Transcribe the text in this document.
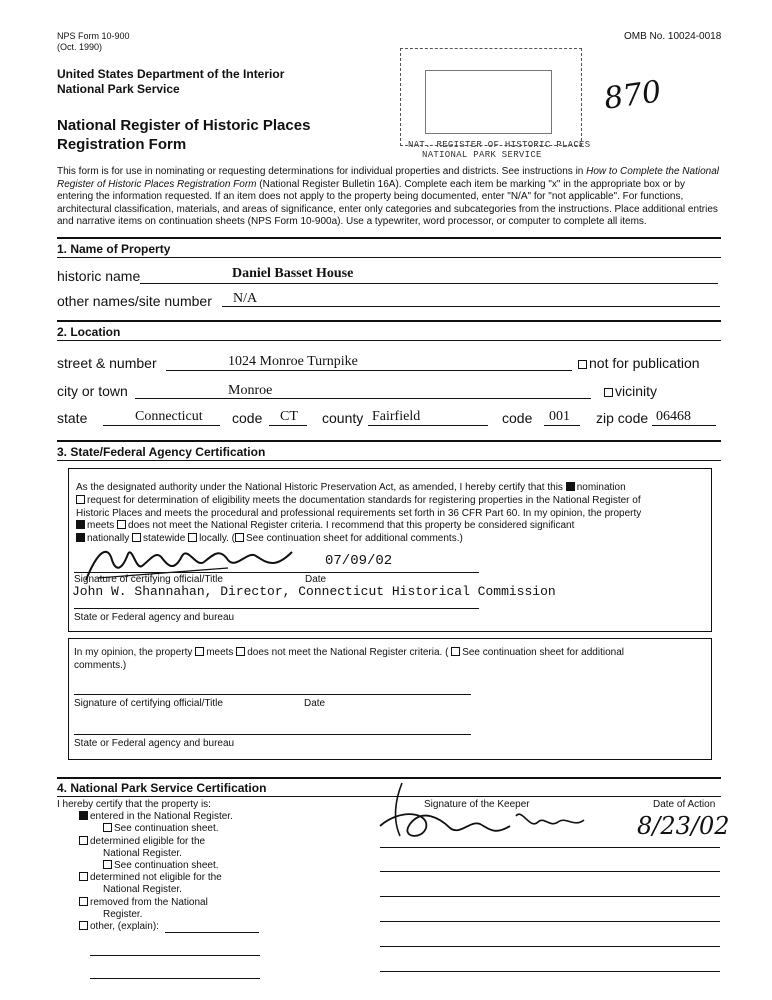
NPS Form 10-900
(Oct. 1990)
OMB No. 10024-0018
United States Department of the Interior
National Park Service
National Register of Historic Places
Registration Form	NAT. REGISTER OF HISTORIC PLACES
NATIONAL PARK SERVICE
870
This form is for use in nominating or requesting determinations for individual properties and districts. See instructions in How to Complete the National Register of Historic Places Registration Form (National Register Bulletin 16A). Complete each item be marking "x" in the appropriate box or by entering the information requested. If an item does not apply to the property being documented, enter "N/A" for "not applicable". For functions, architectural classification, materials, and areas of significance, enter only categories and subcategories from the instructions. Place additional entries and narrative items on continuation sheets (NPS Form 10-900a). Use a typewriter, word processor, or computer to complete all items.
1. Name of Property
historic name	Daniel Basset House
other names/site number N/A
2. Location
street & number	1024 Monroe Turnpike	not for publication
city or town	Monroe	vicinity
state	Connecticut code CT county Fairfield	code 001 zip code 06468
3. State/Federal Agency Certification
As the designated authority under the National Historic Preservation Act, as amended, I hereby certify that this nomination
request for determination of eligibility meets the documentation standards for registering properties in the National Register of
Historic Places and meets the procedural and professional requirements set forth in 36 CFR Part 60. In my opinion, the property
meets does not meet the National Register criteria. I recommend that this property be considered significant
nationally statewide locally. ( See continuation sheet for additional comments.)
07/09/02
Signature of certifying official/Title	Date
John W. Shannahan, Director, Connecticut Historical Commission
State or Federal agency and bureau
In my opinion, the property meets does not meet the National Register criteria. ( See continuation sheet for additional
comments.)
Signature of certifying official/Title	Date
State or Federal agency and bureau
4. National Park Service Certification
I hereby certify that the property is:
entered in the National Register.
See continuation sheet.
determined eligible for the
National Register.
See continuation sheet.
determined not eligible for the
National Register.
removed from the National
Register.
other, (explain):
Signature of the Keeper	Date of Action
8/23/02
